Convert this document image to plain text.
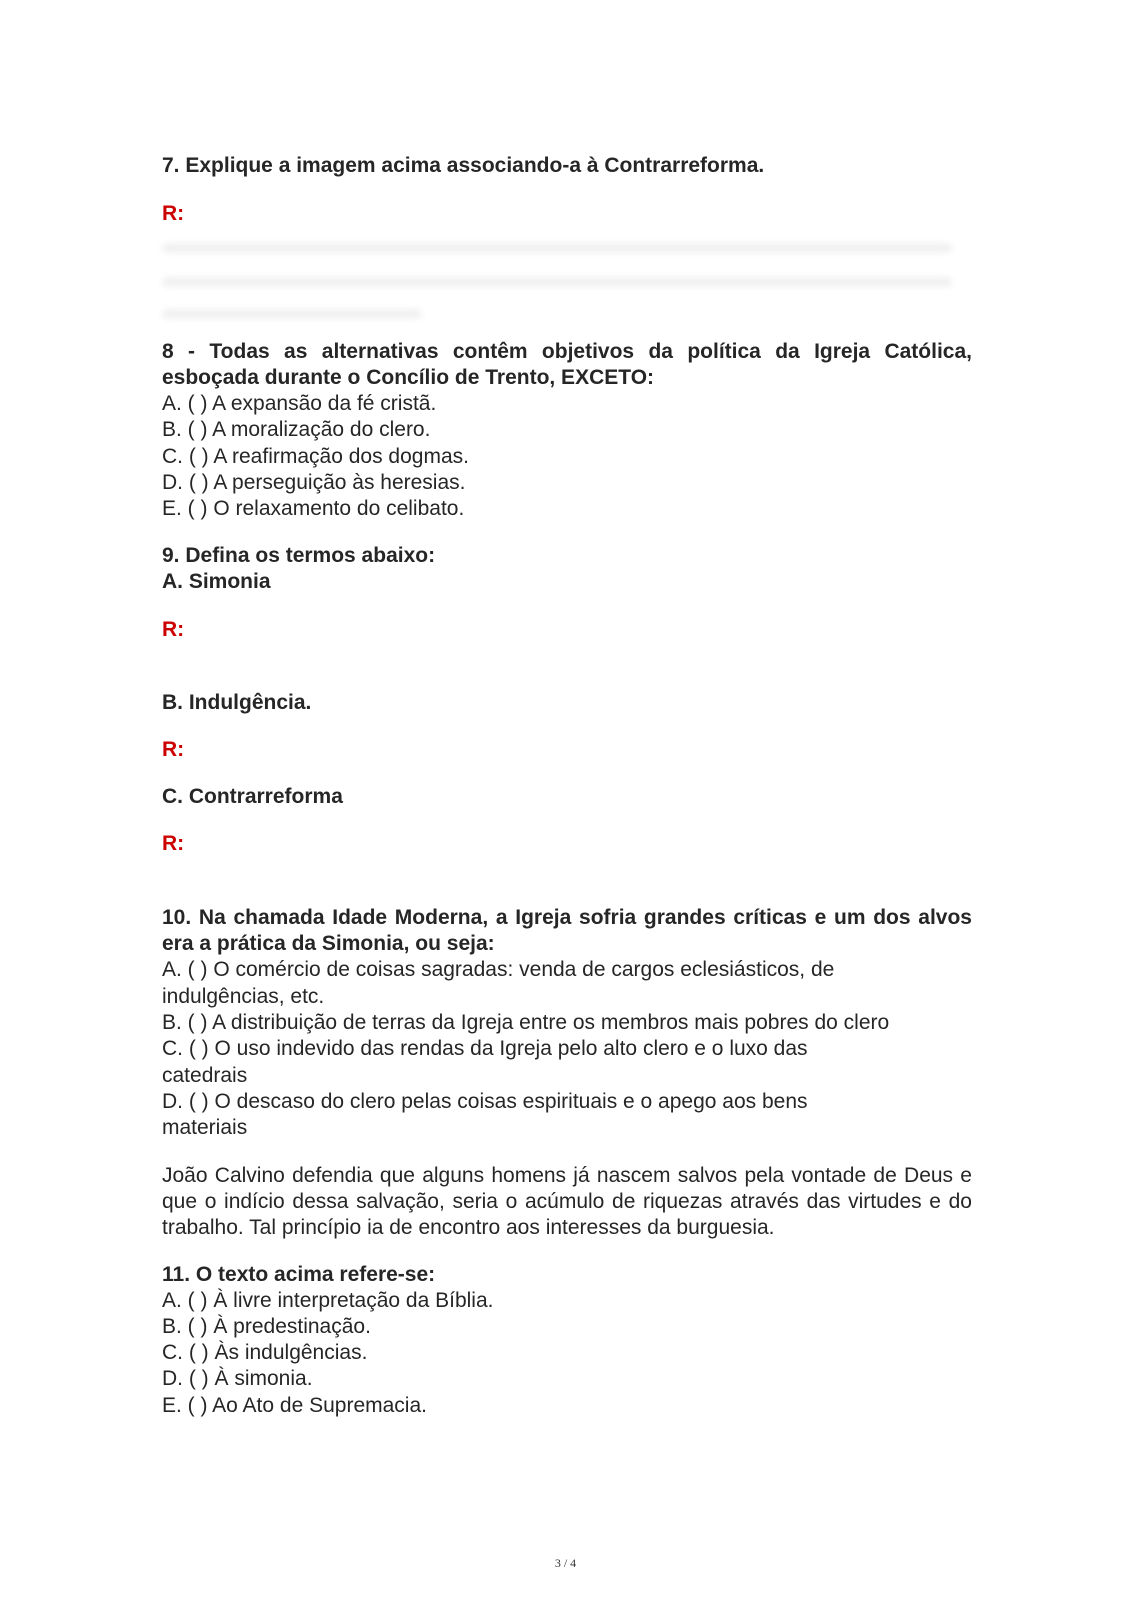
7. Explique a imagem acima associando-a à Contrarreforma.

R:

8 - Todas as alternativas contêm objetivos da política da Igreja Católica, esboçada durante o Concílio de Trento, EXCETO:

A. ( ) A expansão da fé cristã.

B. ( ) A moralização do clero.

C. ( ) A reafirmação dos dogmas.

D. ( ) A perseguição às heresias.

E. ( ) O relaxamento do celibato.

9. Defina os termos abaixo:

A. Simonia

R:

B. Indulgência.

R:

C. Contrarreforma

R:

10. Na chamada Idade Moderna, a Igreja sofria grandes críticas e um dos alvos era a prática da Simonia, ou seja:

A. ( ) O comércio de coisas sagradas: venda de cargos eclesiásticos, de indulgências, etc.

B. ( ) A distribuição de terras da Igreja entre os membros mais pobres do clero

C. ( ) O uso indevido das rendas da Igreja pelo alto clero e o luxo das catedrais

D. ( ) O descaso do clero pelas coisas espirituais e o apego aos bens materiais

João Calvino defendia que alguns homens já nascem salvos pela vontade de Deus e que o indício dessa salvação, seria o acúmulo de riquezas através das virtudes e do trabalho. Tal princípio ia de encontro aos interesses da burguesia.

11. O texto acima refere-se:

A. ( ) À livre interpretação da Bíblia.

B. ( ) À predestinação.

C. ( ) Às indulgências.

D. ( ) À simonia.

E. ( ) Ao Ato de Supremacia.

3 / 4
